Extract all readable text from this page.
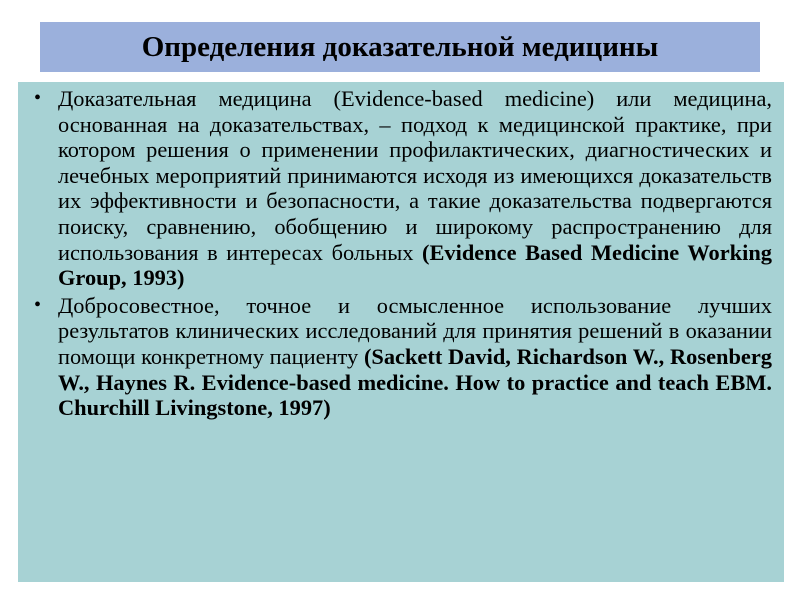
Определения доказательной медицины
• Доказательная медицина (Evidence-based medicine) или медицина, основанная на доказательствах, – подход к медицинской практике, при котором решения о применении профилактических, диагностических и лечебных мероприятий принимаются исходя из имеющихся доказательств их эффективности и безопасности, а такие доказательства подвергаются поиску, сравнению, обобщению и широкому распространению для использования в интересах больных (Evidence Based Medicine Working Group, 1993)
• Добросовестное, точное и осмысленное использование лучших результатов клинических исследований для принятия решений в оказании помощи конкретному пациенту (Sackett David, Richardson W., Rosenberg W., Haynes R. Evidence-based medicine. How to practice and teach EBM. Churchill Livingstone, 1997)
